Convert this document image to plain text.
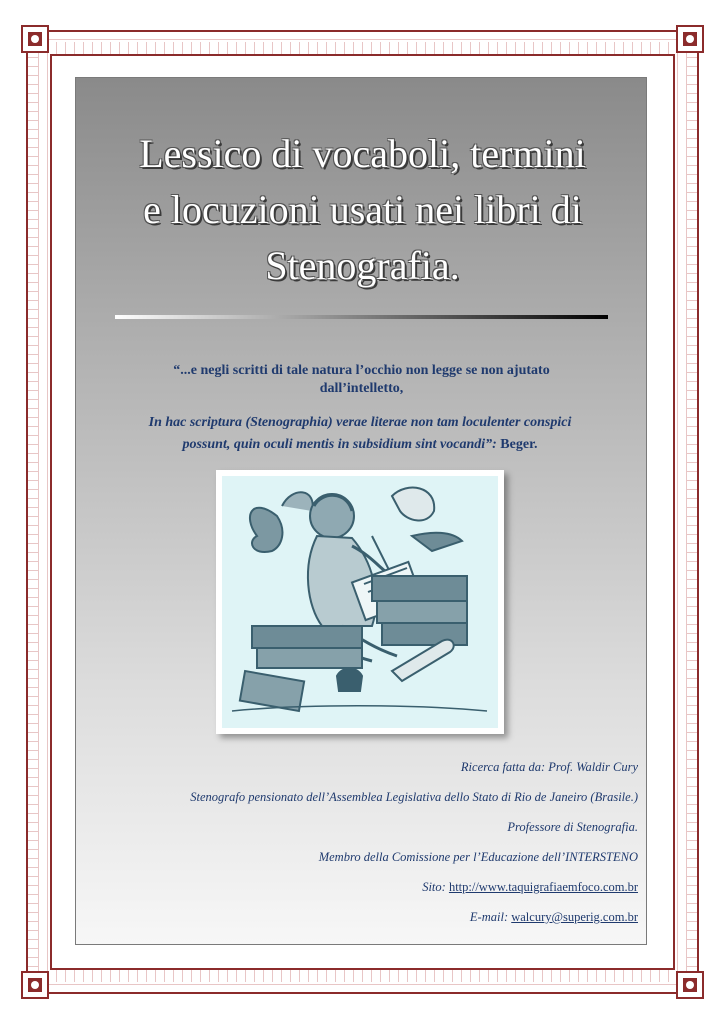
Lessico di vocaboli, termini
e locuzioni usati nei libri di
Stenografia.
“...e negli scritti di tale natura l’occhio non legge se non ajutato
dall’intelletto,
In hac scriptura (Stenographia) verae literae non tam loculenter conspici
possunt, quin oculi mentis in subsidium sint vocandi”: Beger.
Ricerca fatta da: Prof. Waldir Cury
Stenografo pensionato dell’Assemblea Legislativa dello Stato di Rio de Janeiro (Brasile.)
Professore di Stenografia.
Membro della Comissione per l’Educazione dell’INTERSTENO
Sito: http://www.taquigrafiaemfoco.com.br
E-mail: walcury@superig.com.br
